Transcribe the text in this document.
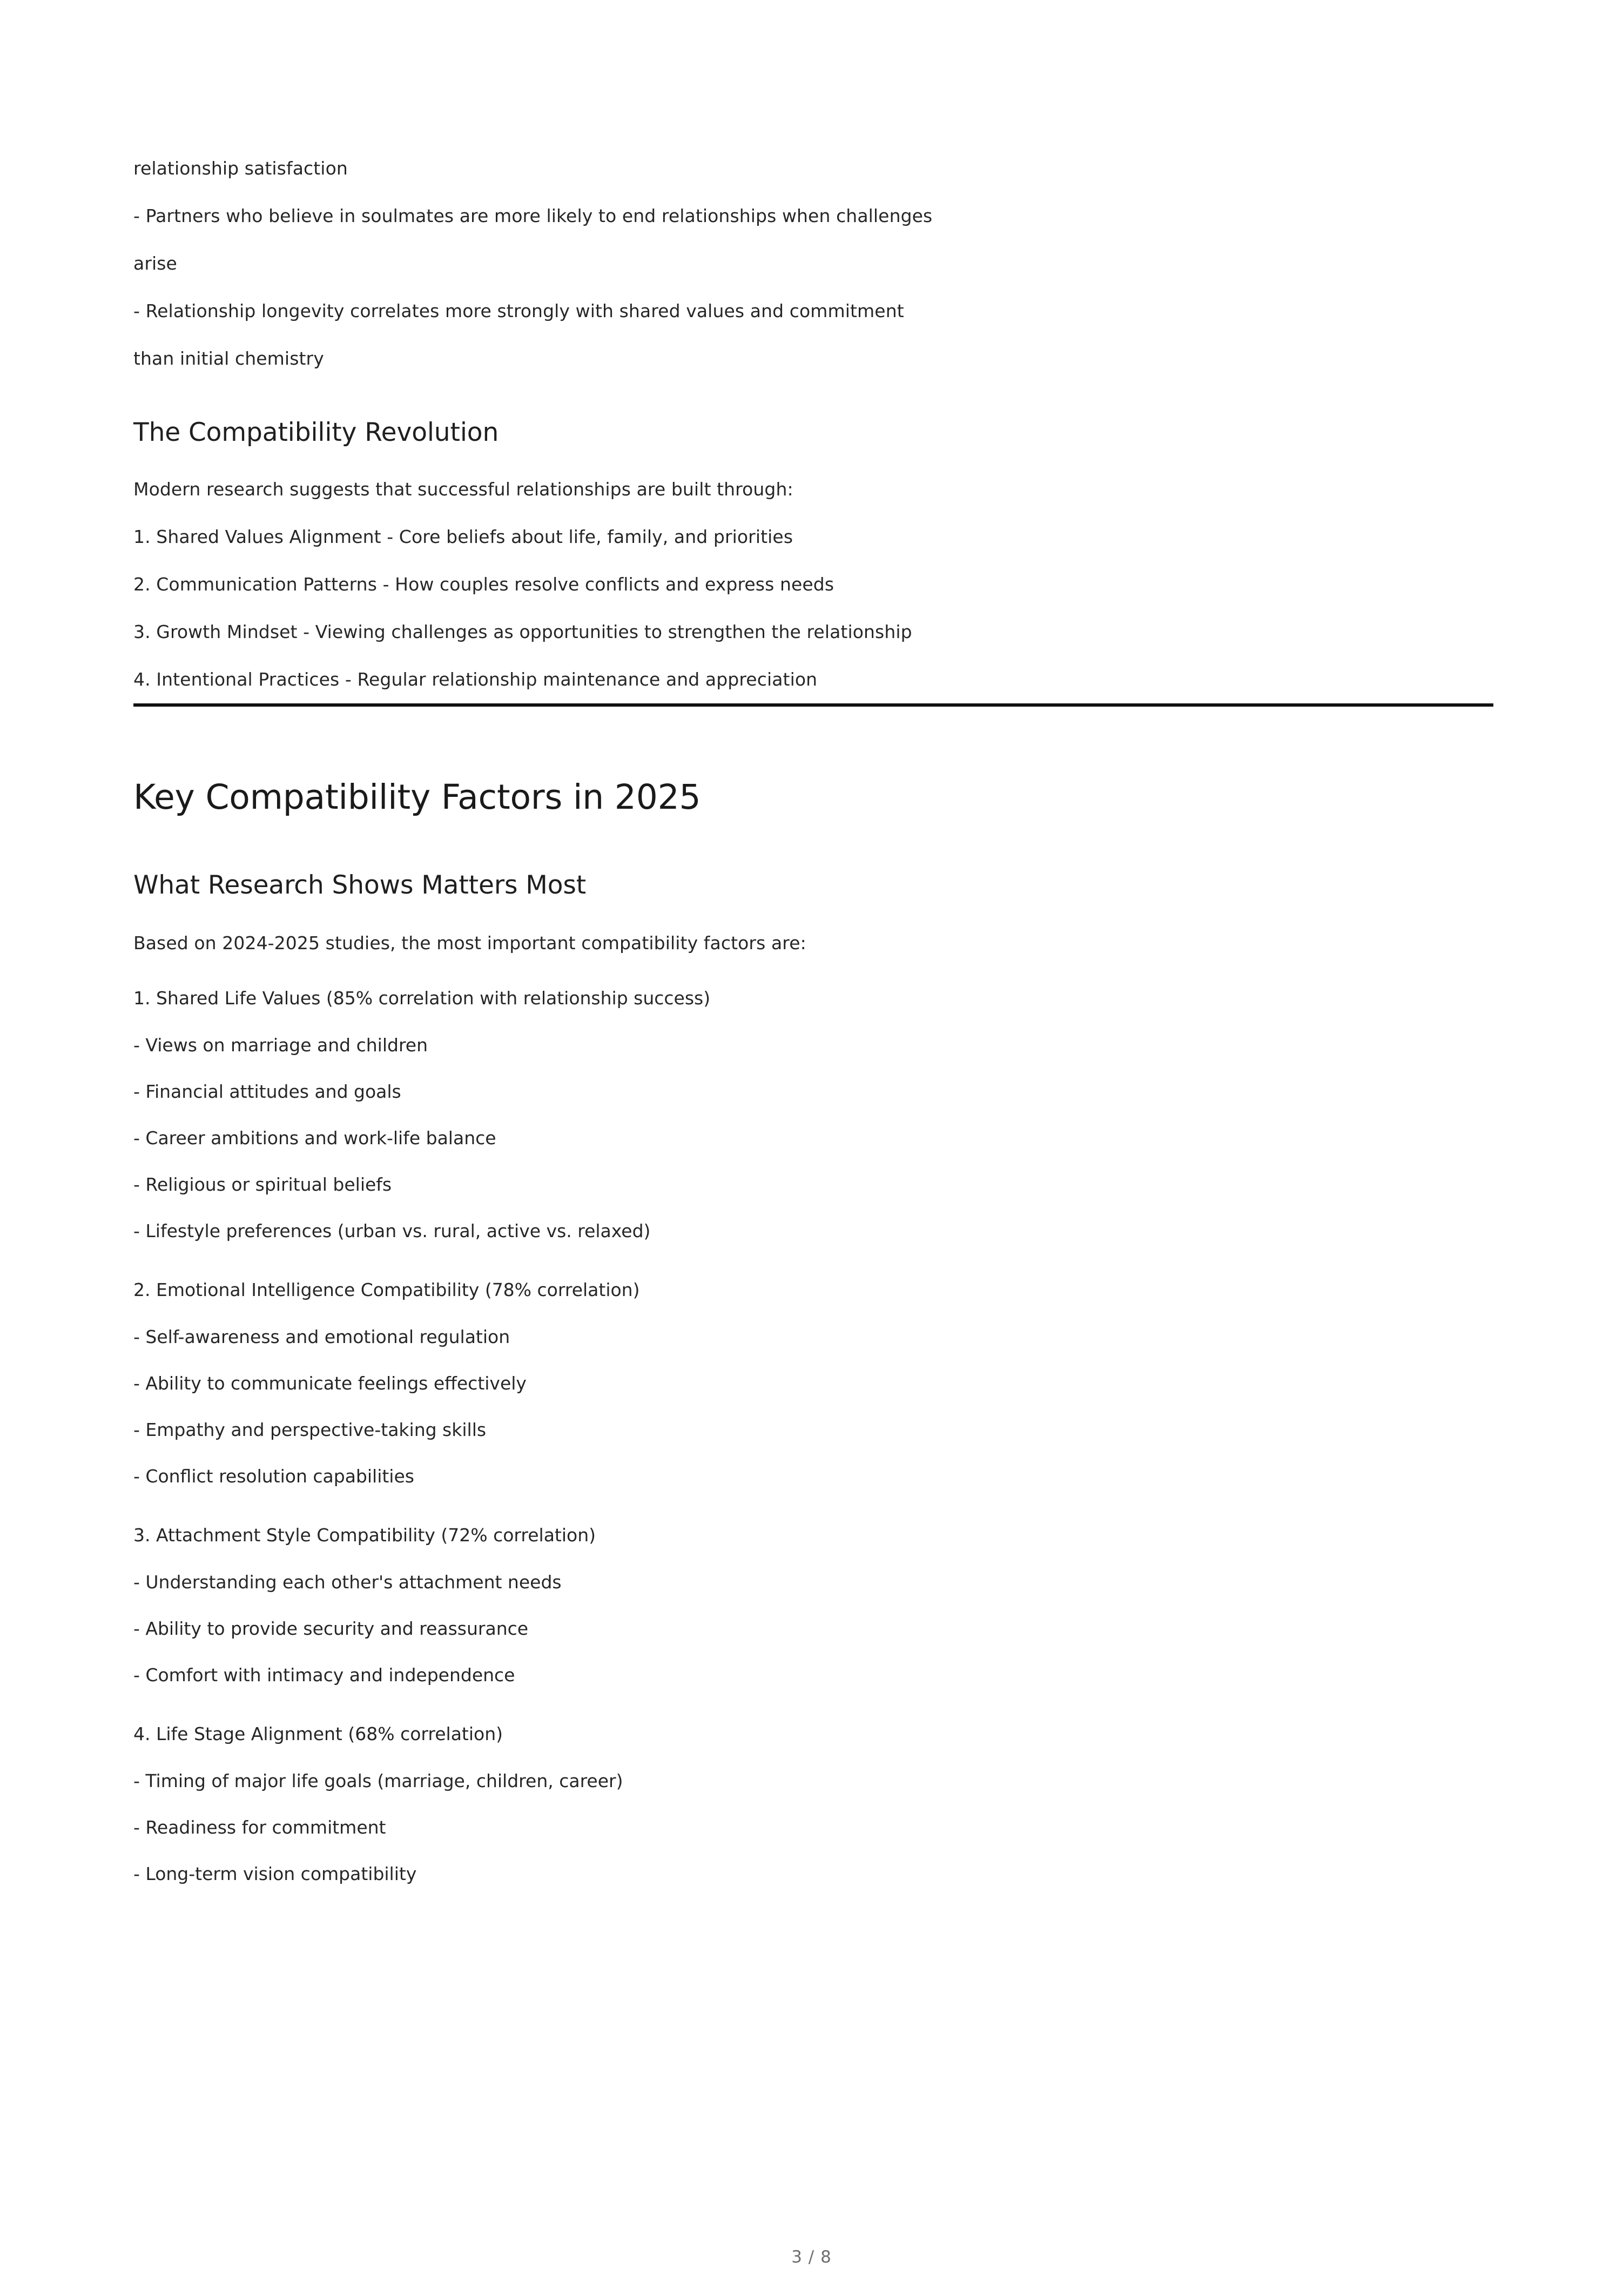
relationship satisfaction
- Partners who believe in soulmates are more likely to end relationships when challenges
arise
- Relationship longevity correlates more strongly with shared values and commitment
than initial chemistry

The Compatibility Revolution

Modern research suggests that successful relationships are built through:
1. Shared Values Alignment - Core beliefs about life, family, and priorities
2. Communication Patterns - How couples resolve conflicts and express needs
3. Growth Mindset - Viewing challenges as opportunities to strengthen the relationship
4. Intentional Practices - Regular relationship maintenance and appreciation

Key Compatibility Factors in 2025
What Research Shows Matters Most

Based on 2024-2025 studies, the most important compatibility factors are:

1. Shared Life Values (85% correlation with relationship success)

- Views on marriage and children
- Financial attitudes and goals
- Career ambitions and work-life balance
- Religious or spiritual beliefs
- Lifestyle preferences (urban vs. rural, active vs. relaxed)

2. Emotional Intelligence Compatibility (78% correlation)

- Self-awareness and emotional regulation
- Ability to communicate feelings effectively
- Empathy and perspective-taking skills
- Conflict resolution capabilities

3. Attachment Style Compatibility (72% correlation)

- Understanding each other's attachment needs
- Ability to provide security and reassurance
- Comfort with intimacy and independence

4. Life Stage Alignment (68% correlation)

- Timing of major life goals (marriage, children, career)
- Readiness for commitment
- Long-term vision compatibility

3 / 8
